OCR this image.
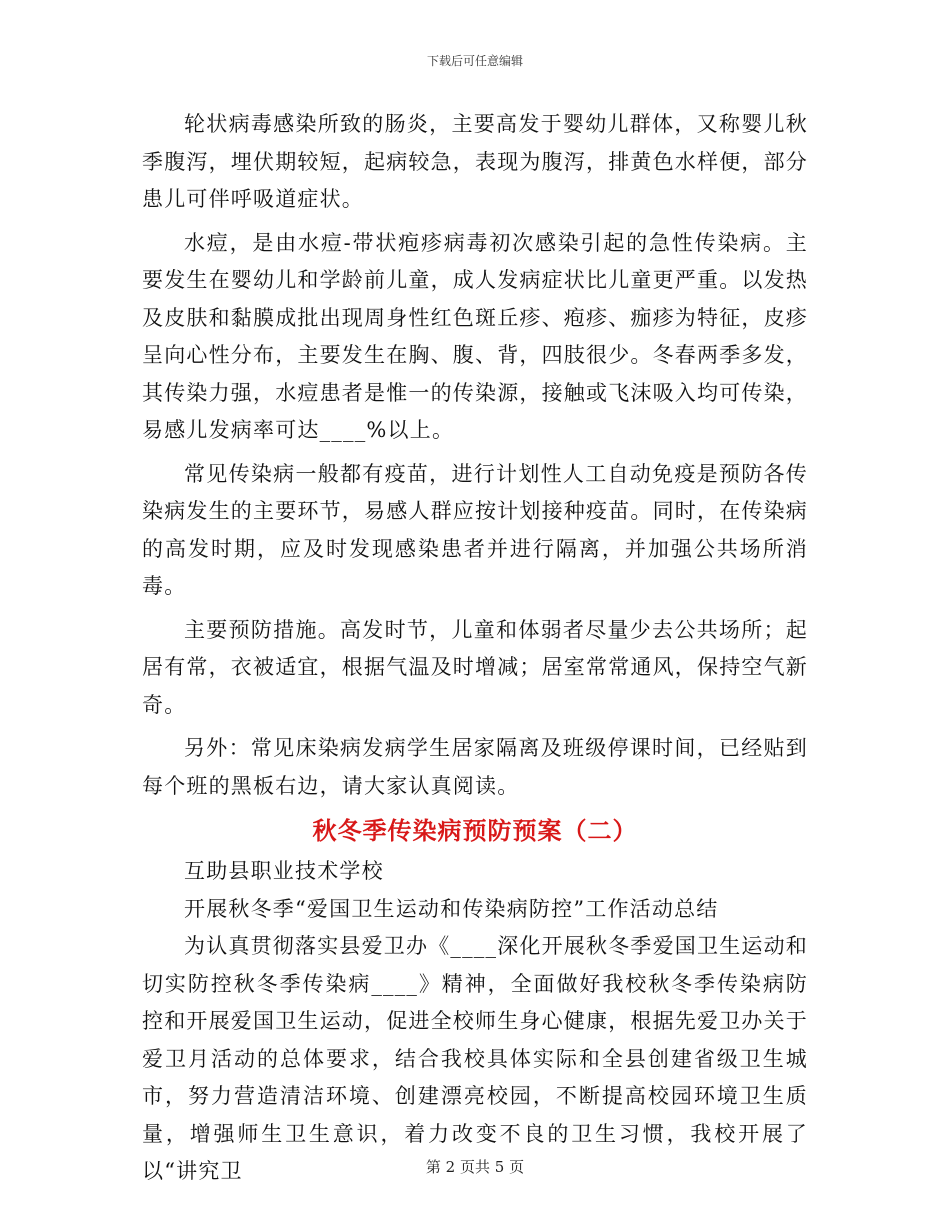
下载后可任意编辑

轮状病毒感染所致的肠炎，主要高发于婴幼儿群体，又称婴儿秋季腹泻，埋伏期较短，起病较急，表现为腹泻，排黄色水样便，部分患儿可伴呼吸道症状。

水痘，是由水痘-带状疱疹病毒初次感染引起的急性传染病。主要发生在婴幼儿和学龄前儿童，成人发病症状比儿童更严重。以发热及皮肤和黏膜成批出现周身性红色斑丘疹、疱疹、痂疹为特征，皮疹呈向心性分布，主要发生在胸、腹、背，四肢很少。冬春两季多发，其传染力强，水痘患者是惟一的传染源，接触或飞沫吸入均可传染，易感儿发病率可达____%以上。

常见传染病一般都有疫苗，进行计划性人工自动免疫是预防各传染病发生的主要环节，易感人群应按计划接种疫苗。同时，在传染病的高发时期，应及时发现感染患者并进行隔离，并加强公共场所消毒。

主要预防措施。高发时节，儿童和体弱者尽量少去公共场所；起居有常，衣被适宜，根据气温及时增减；居室常常通风，保持空气新奇。

另外：常见床染病发病学生居家隔离及班级停课时间，已经贴到每个班的黑板右边，请大家认真阅读。

秋冬季传染病预防预案（二）

互助县职业技术学校

开展秋冬季“爱国卫生运动和传染病防控”工作活动总结

为认真贯彻落实县爱卫办《____深化开展秋冬季爱国卫生运动和切实防控秋冬季传染病____》精神，全面做好我校秋冬季传染病防控和开展爱国卫生运动，促进全校师生身心健康，根据先爱卫办关于爱卫月活动的总体要求，结合我校具体实际和全县创建省级卫生城市，努力营造清洁环境、创建漂亮校园，不断提高校园环境卫生质量，增强师生卫生意识，着力改变不良的卫生习惯，我校开展了以“讲究卫	第 2 页共 5 页
